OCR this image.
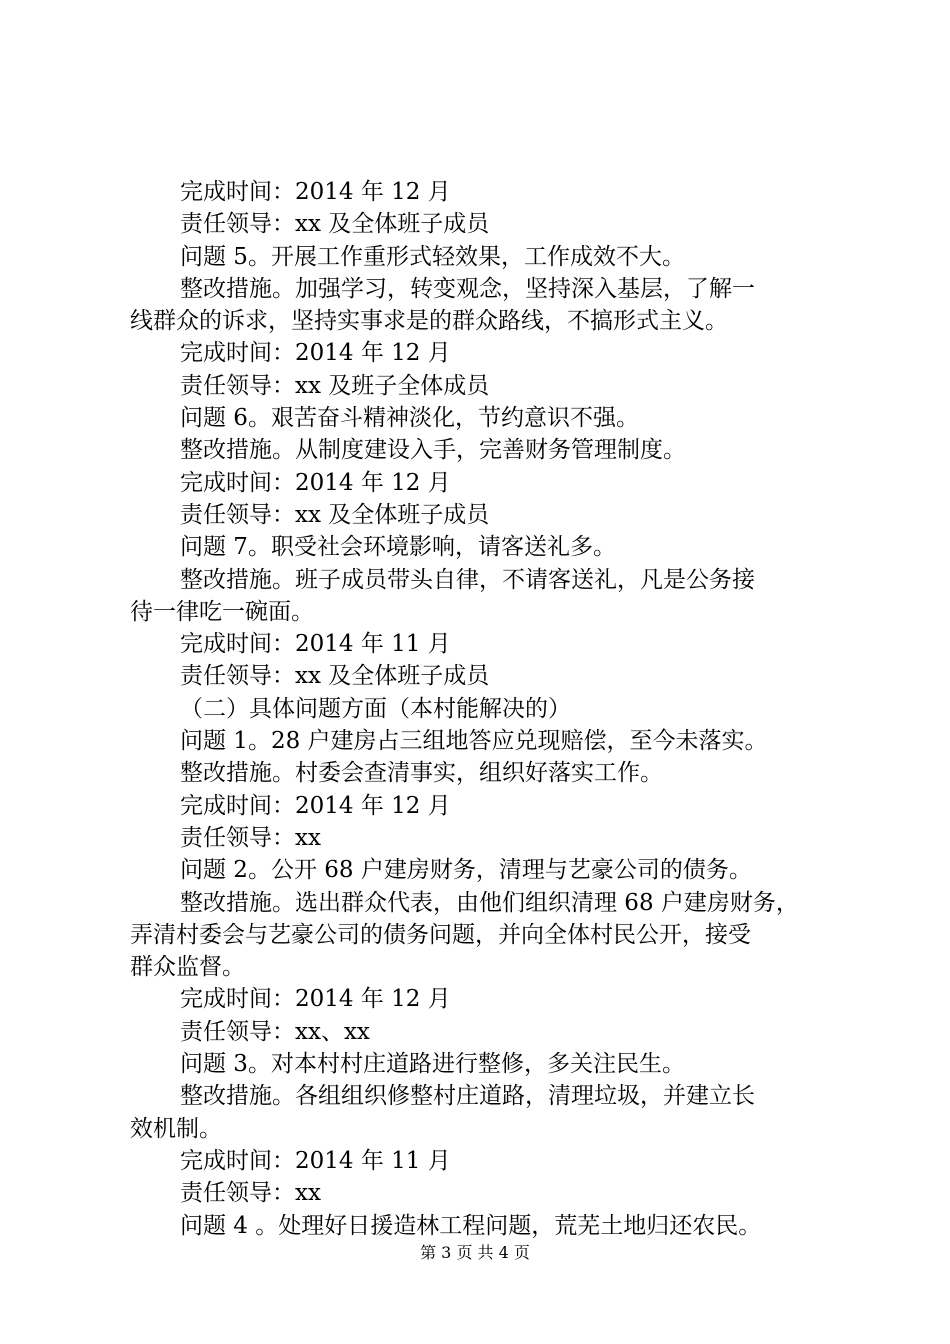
完成时间：2014 年 12 月
责任领导：xx 及全体班子成员
问题 5。开展工作重形式轻效果，工作成效不大。
整改措施。加强学习，转变观念，坚持深入基层，了解一
线群众的诉求，坚持实事求是的群众路线，不搞形式主义。
完成时间：2014 年 12 月
责任领导：xx 及班子全体成员
问题 6。艰苦奋斗精神淡化，节约意识不强。
整改措施。从制度建设入手，完善财务管理制度。
完成时间：2014 年 12 月
责任领导：xx 及全体班子成员
问题 7。职受社会环境影响，请客送礼多。
整改措施。班子成员带头自律，不请客送礼，凡是公务接
待一律吃一碗面。
完成时间：2014 年 11 月
责任领导：xx 及全体班子成员
（二）具体问题方面（本村能解决的）
问题 1。28 户建房占三组地答应兑现赔偿，至今未落实。
整改措施。村委会查清事实，组织好落实工作。
完成时间：2014 年 12 月
责任领导：xx
问题 2。公开 68 户建房财务，清理与艺豪公司的债务。
整改措施。选出群众代表，由他们组织清理 68 户建房财务，
弄清村委会与艺豪公司的债务问题，并向全体村民公开，接受
群众监督。
完成时间：2014 年 12 月
责任领导：xx、xx
问题 3。对本村村庄道路进行整修，多关注民生。
整改措施。各组组织修整村庄道路，清理垃圾，并建立长
效机制。
完成时间：2014 年 11 月
责任领导：xx
问题 4 。处理好日援造林工程问题，荒芜土地归还农民。
第 3 页 共 4 页
